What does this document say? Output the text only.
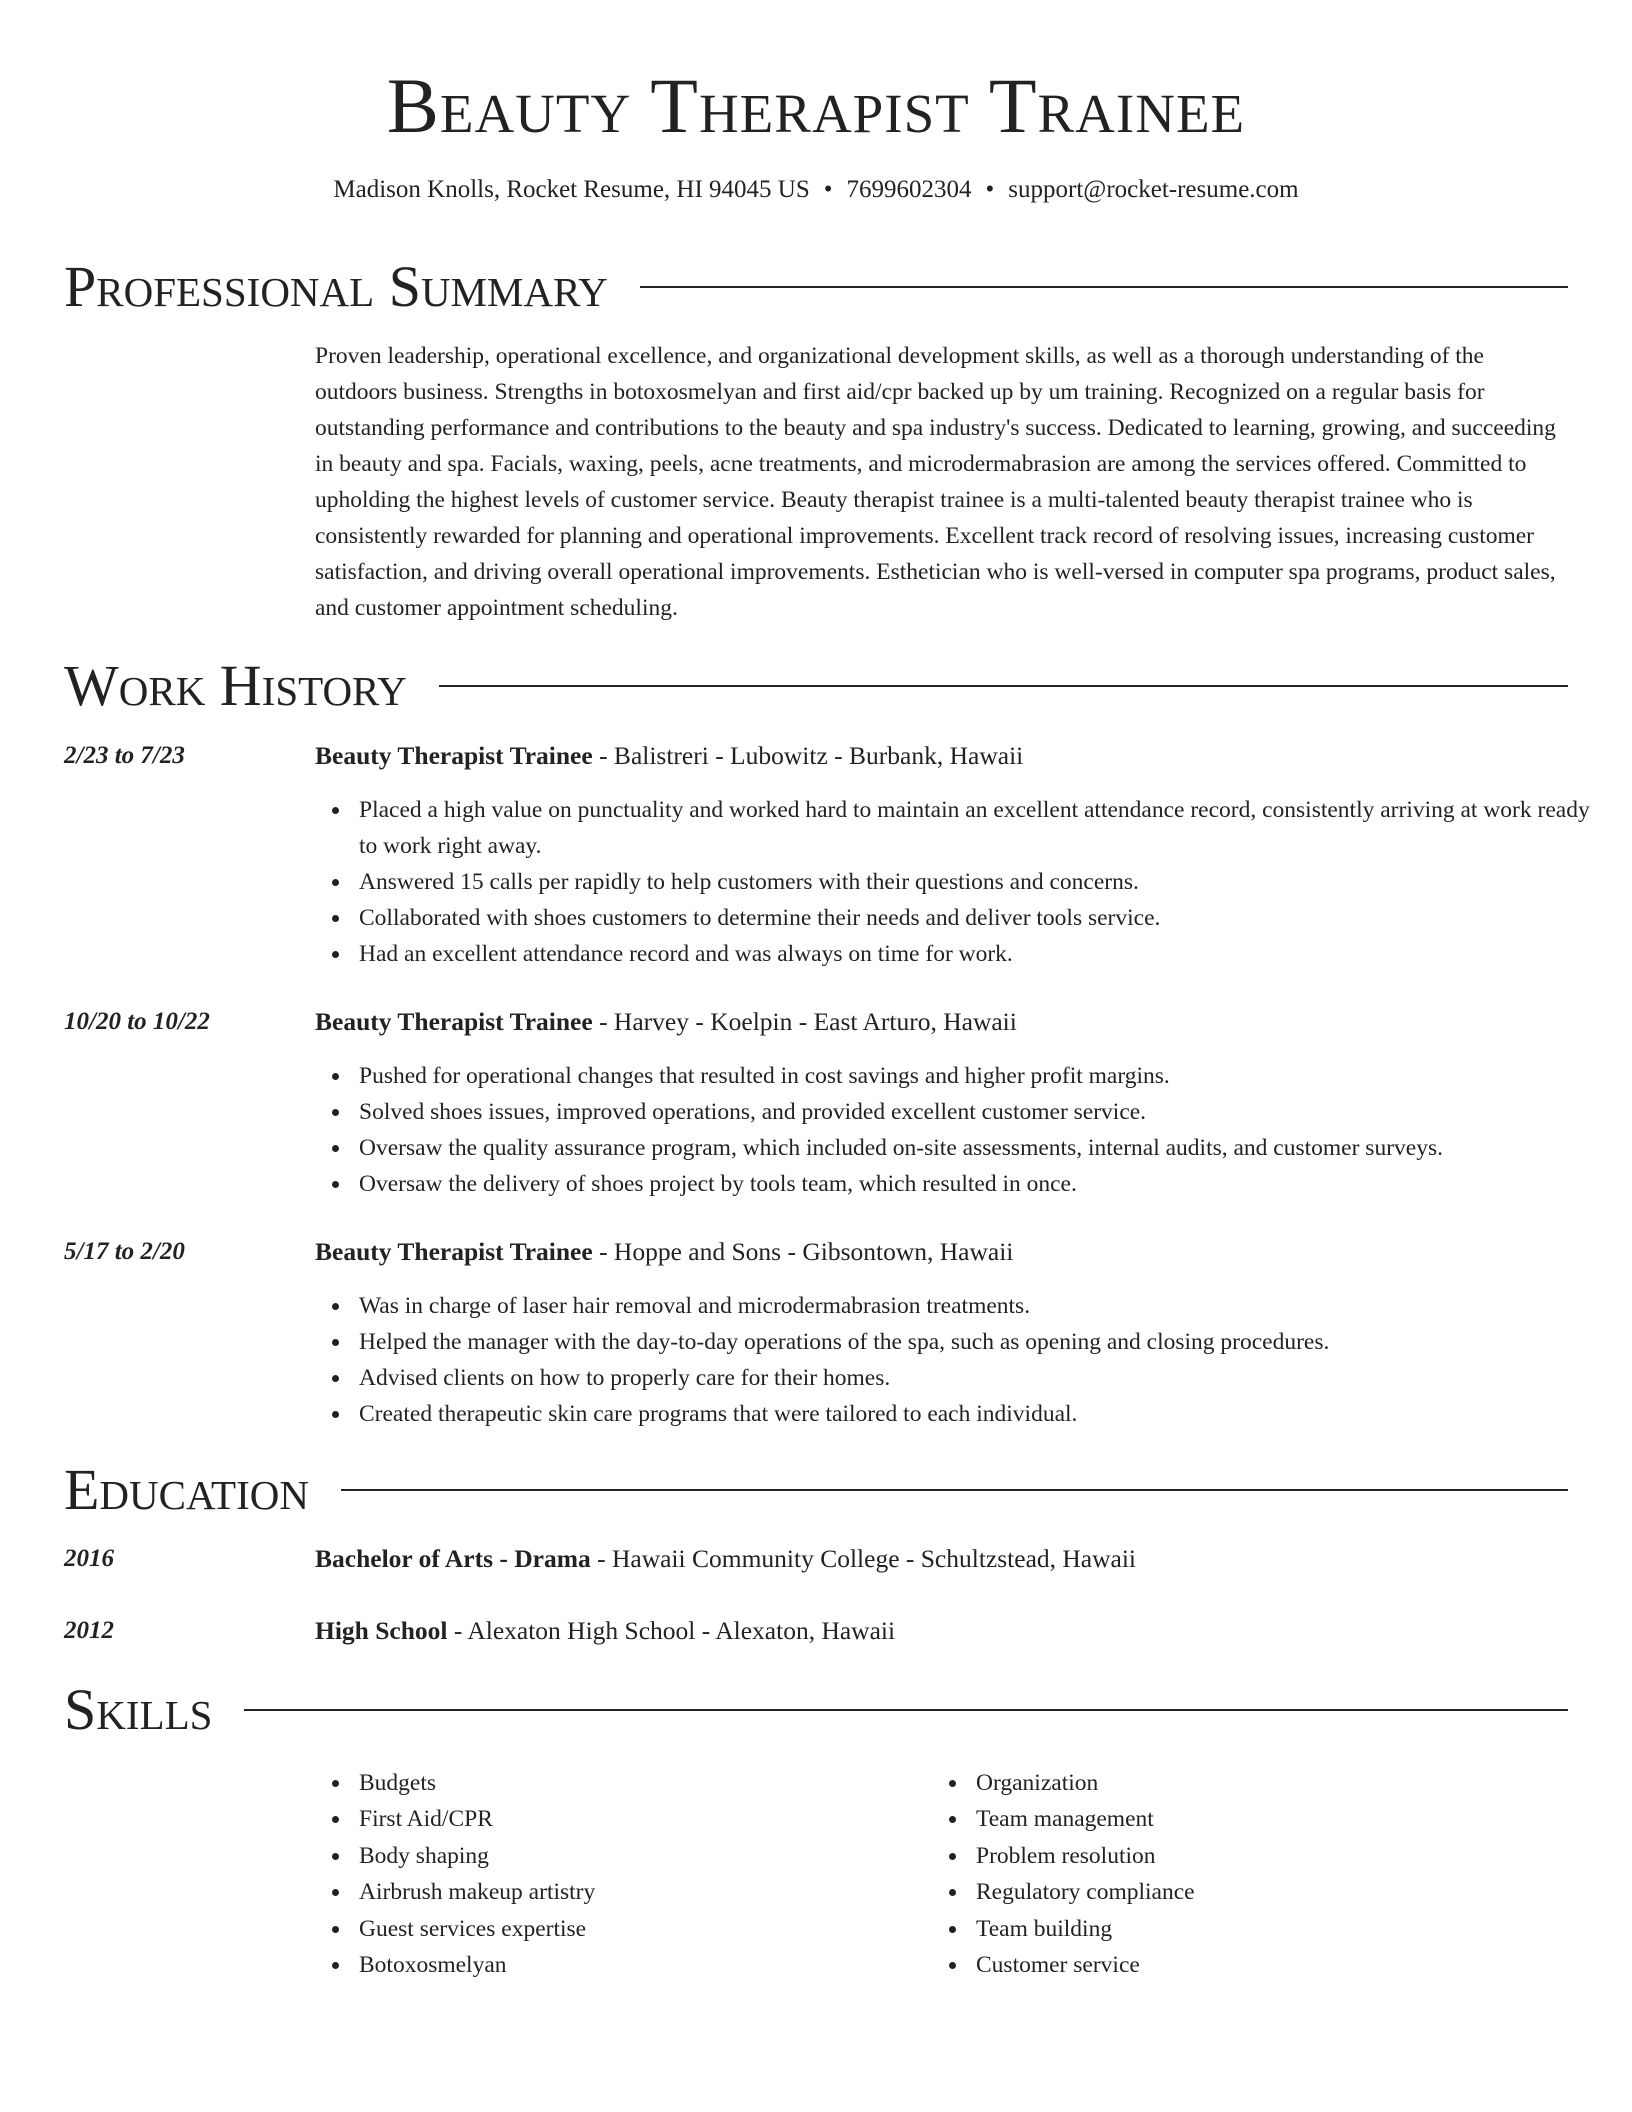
Beauty Therapist Trainee
Madison Knolls, Rocket Resume, HI 94045 US • 7699602304 • support@rocket-resume.com
Professional Summary

Proven leadership, operational excellence, and organizational development skills, as well as a thorough understanding of the outdoors business. Strengths in botoxosmelyan and first aid/cpr backed up by um training. Recognized on a regular basis for outstanding performance and contributions to the beauty and spa industry's success. Dedicated to learning, growing, and succeeding in beauty and spa. Facials, waxing, peels, acne treatments, and microdermabrasion are among the services offered. Committed to upholding the highest levels of customer service. Beauty therapist trainee is a multi-talented beauty therapist trainee who is consistently rewarded for planning and operational improvements. Excellent track record of resolving issues, increasing customer satisfaction, and driving overall operational improvements. Esthetician who is well-versed in computer spa programs, product sales, and customer appointment scheduling.

Work History
2/23 to 7/23	Beauty Therapist Trainee - Balistreri - Lubowitz - Burbank, Hawaii
Placed a high value on punctuality and worked hard to maintain an excellent attendance record, consistently arriving at work ready to work right away.
Answered 15 calls per rapidly to help customers with their questions and concerns.
Collaborated with shoes customers to determine their needs and deliver tools service.
Had an excellent attendance record and was always on time for work.
10/20 to 10/22	Beauty Therapist Trainee - Harvey - Koelpin - East Arturo, Hawaii
Pushed for operational changes that resulted in cost savings and higher profit margins.
Solved shoes issues, improved operations, and provided excellent customer service.
Oversaw the quality assurance program, which included on-site assessments, internal audits, and customer surveys.
Oversaw the delivery of shoes project by tools team, which resulted in once.
5/17 to 2/20	Beauty Therapist Trainee - Hoppe and Sons - Gibsontown, Hawaii
Was in charge of laser hair removal and microdermabrasion treatments.
Helped the manager with the day-to-day operations of the spa, such as opening and closing procedures.
Advised clients on how to properly care for their homes.
Created therapeutic skin care programs that were tailored to each individual.
Education
2016	Bachelor of Arts - Drama - Hawaii Community College - Schultzstead, Hawaii
2012	High School - Alexaton High School - Alexaton, Hawaii
Skills
Budgets
First Aid/CPR
Body shaping
Airbrush makeup artistry
Guest services expertise
Botoxosmelyan
Organization
Team management
Problem resolution
Regulatory compliance
Team building
Customer service
